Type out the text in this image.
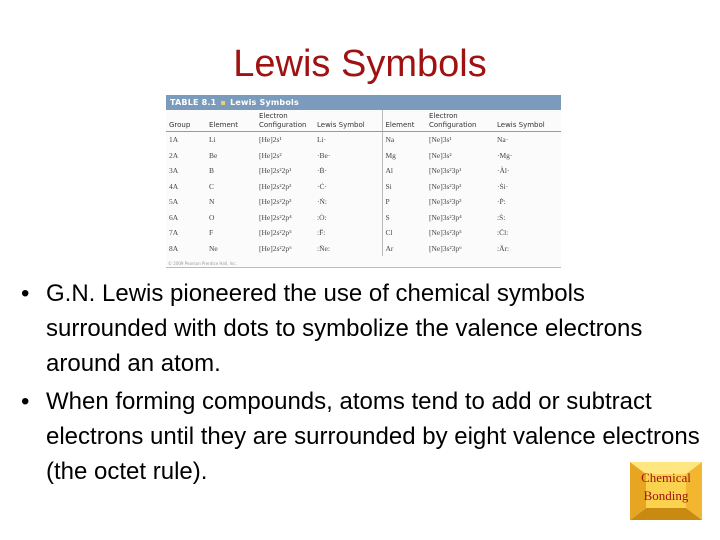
Lewis Symbols
TABLE 8.1 ▪ Lewis Symbols
Group	Element	Electron Configuration	Lewis Symbol	Element	Electron Configuration	Lewis Symbol
1A	Li	[He]2s¹	Li·	Na	[Ne]3s¹	Na·
2A	Be	[He]2s²	·Be·	Mg	[Ne]3s²	·Mg·
3A	B	[He]2s²2p¹	·Ḃ·	Al	[Ne]3s²3p¹	·Àl·
4A	C	[He]2s²2p²	·Ċ·	Si	[Ne]3s²3p²	·Ṡi·
5A	N	[He]2s²2p³	·Ṅ:	P	[Ne]3s²3p³	·Ṗ:
6A	O	[He]2s²2p⁴	:Ȯ:	S	[Ne]3s²3p⁴	:Ṡ:
7A	F	[He]2s²2p⁵	:F̈:	Cl	[Ne]3s²3p⁵	:C̈l:
8A	Ne	[He]2s²2p⁶	:N̈e:	Ar	[Ne]3s²3p⁶	:Är:
© 2009 Pearson Prentice Hall, Inc.
• G.N. Lewis pioneered the use of chemical symbols surrounded with dots to symbolize the valence electrons around an atom.
• When forming compounds, atoms tend to add or subtract electrons until they are surrounded by eight valence electrons (the octet rule).	Chemical
Bonding
